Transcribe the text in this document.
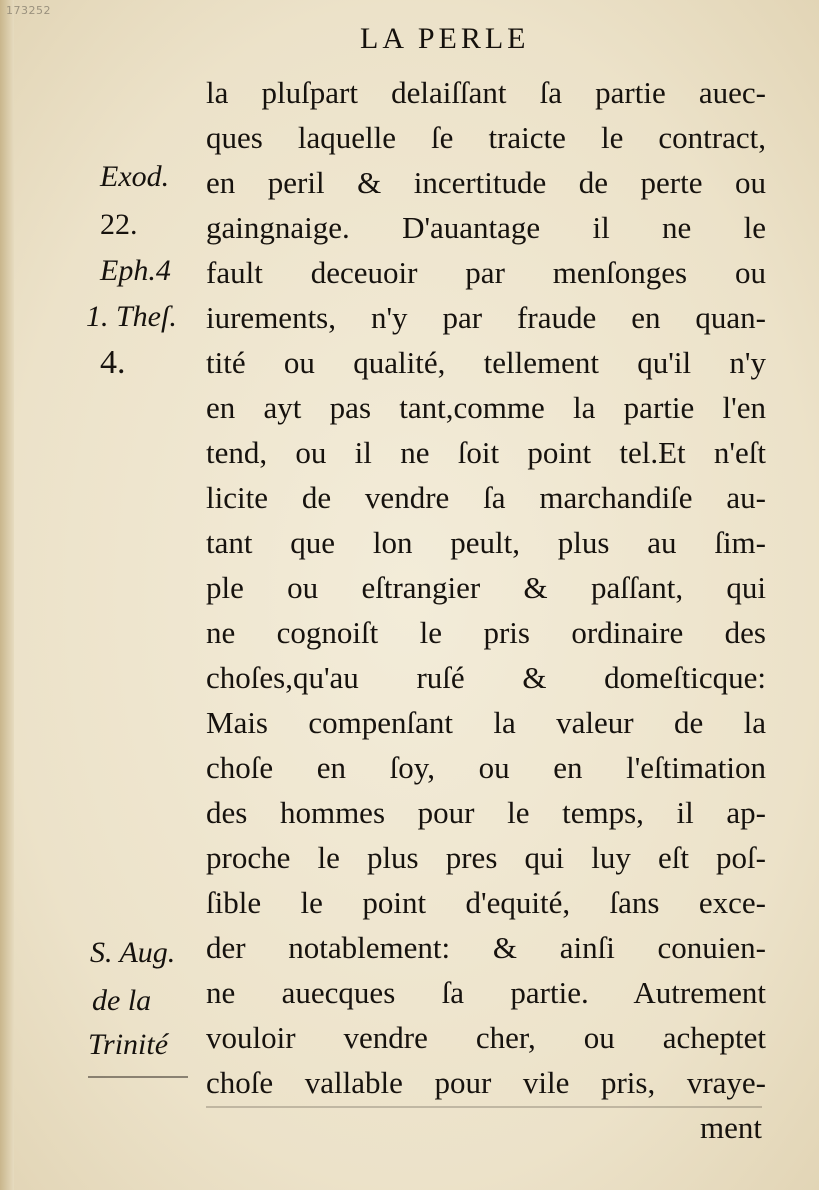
173252
LA PERLE
Exod.
22.
Eph.4
1. Theſ.
4.
S. Aug.
de la
Trinité
la pluſpart delaiſſant ſa partie auec-
ques laquelle ſe traicte le contract,
en peril & incertitude de perte ou
gaingnaige. D'auantage il ne le
fault deceuoir par menſonges ou
iurements, n'y par fraude en quan-
tité ou qualité, tellement qu'il n'y
en ayt pas tant,comme la partie l'en
tend, ou il ne ſoit point tel.Et n'eſt
licite de vendre ſa marchandiſe au-
tant que lon peult, plus au ſim-
ple ou eſtrangier & paſſant, qui
ne cognoiſt le pris ordinaire des
choſes,qu'au ruſé & domeſticque:
Mais compenſant la valeur de la
choſe en ſoy, ou en l'eſtimation
des hommes pour le temps, il ap-
proche le plus pres qui luy eſt poſ-
ſible le point d'equité, ſans exce-
der notablement: & ainſi conuien-
ne auecques ſa partie. Autrement
vouloir vendre cher, ou acheptet
choſe vallable pour vile pris, vraye-
ment
